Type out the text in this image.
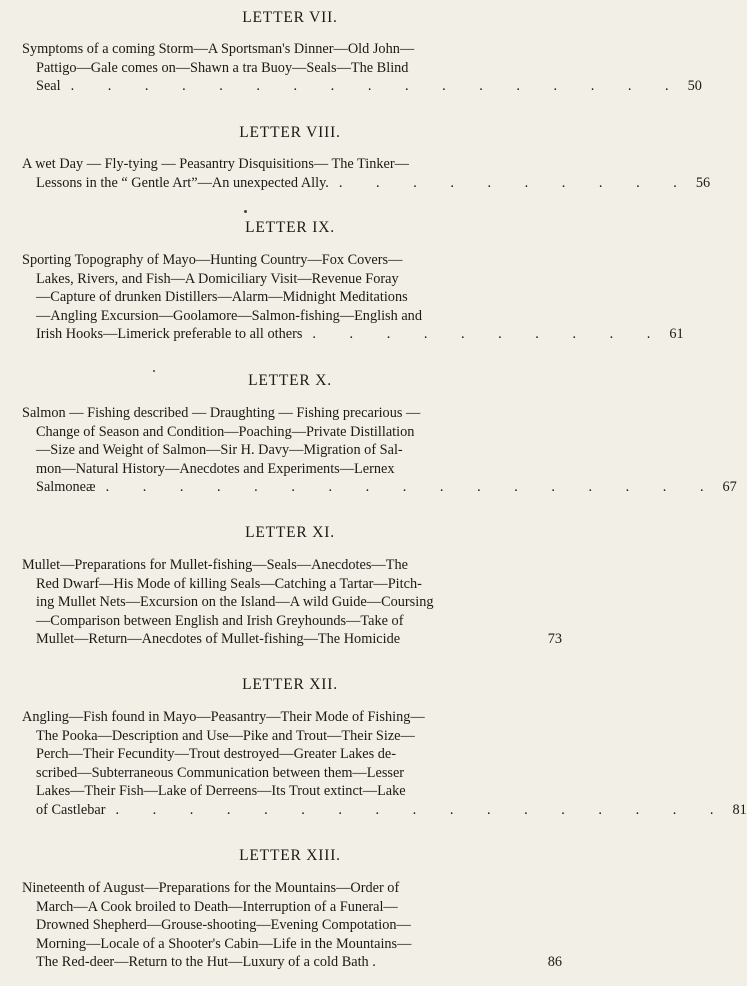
LETTER VII.
Symptoms of a coming Storm—A Sportsman's Dinner—Old John—
Pattigo—Gale comes on—Shawn a tra Buoy—Seals—The Blind
Seal . . . . . . . . . . . . . . . . . 50
LETTER VIII.
A wet Day — Fly-tying — Peasantry Disquisitions— The Tinker—
Lessons in the “ Gentle Art”—An unexpected Ally. . . . . . . . . . . 56
LETTER IX.
Sporting Topography of Mayo—Hunting Country—Fox Covers—
Lakes, Rivers, and Fish—A Domiciliary Visit—Revenue Foray
—Capture of drunken Distillers—Alarm—Midnight Meditations
—Angling Excursion—Goolamore—Salmon-fishing—English and
Irish Hooks—Limerick preferable to all others . . . . . . . . . . 61
LETTER X.
Salmon — Fishing described — Draughting — Fishing precarious —
Change of Season and Condition—Poaching—Private Distillation
—Size and Weight of Salmon—Sir H. Davy—Migration of Sal-
mon—Natural History—Anecdotes and Experiments—Lernex
Salmoneæ . . . . . . . . . . . . . . . . . 67
LETTER XI.
Mullet—Preparations for Mullet-fishing—Seals—Anecdotes—The
Red Dwarf—His Mode of killing Seals—Catching a Tartar—Pitch-
ing Mullet Nets—Excursion on the Island—A wild Guide—Coursing
—Comparison between English and Irish Greyhounds—Take of
Mullet—Return—Anecdotes of Mullet-fishing—The Homicide	73
LETTER XII.
Angling—Fish found in Mayo—Peasantry—Their Mode of Fishing—
The Pooka—Description and Use—Pike and Trout—Their Size—
Perch—Their Fecundity—Trout destroyed—Greater Lakes de-
scribed—Subterraneous Communication between them—Lesser
Lakes—Their Fish—Lake of Derreens—Its Trout extinct—Lake
of Castlebar . . . . . . . . . . . . . . . . . 81
LETTER XIII.
Nineteenth of August—Preparations for the Mountains—Order of
March—A Cook broiled to Death—Interruption of a Funeral—
Drowned Shepherd—Grouse-shooting—Evening Compotation—
Morning—Locale of a Shooter's Cabin—Life in the Mountains—
The Red-deer—Return to the Hut—Luxury of a cold Bath .	86
